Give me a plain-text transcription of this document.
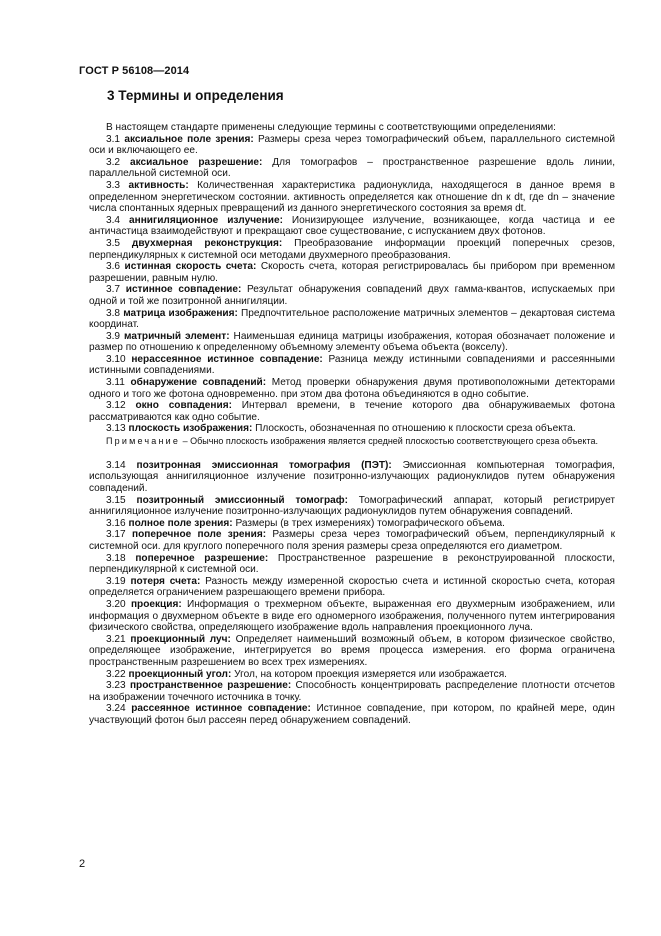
ГОСТ Р 56108—2014
3 Термины и определения

В настоящем стандарте применены следующие термины с соответствующими определениями:

3.1 аксиальное поле зрения: Размеры среза через томографический объем, параллельного системной оси и включающего ее.

3.2 аксиальное разрешение: Для томографов – пространственное разрешение вдоль линии, параллельной системной оси.

3.3 активность: Количественная характеристика радионуклида, находящегося в данное время в определенном энергетическом состоянии. активность определяется как отношение dn к dt, где dn – значение числа спонтанных ядерных превращений из данного энергетического состояния за время dt.

3.4 аннигиляционное излучение: Ионизирующее излучение, возникающее, когда частица и ее античастица взаимодействуют и прекращают свое существование, с испусканием двух фотонов.

3.5 двухмерная реконструкция: Преобразование информации проекций поперечных срезов, перпендикулярных к системной оси методами двухмерного преобразования.

3.6 истинная скорость счета: Скорость счета, которая регистрировалась бы прибором при временном разрешении, равным нулю.

3.7 истинное совпадение: Результат обнаружения совпадений двух гамма-квантов, испускаемых при одной и той же позитронной аннигиляции.

3.8 матрица изображения: Предпочтительное расположение матричных элементов – декартовая система координат.

3.9 матричный элемент: Наименьшая единица матрицы изображения, которая обозначает положение и размер по отношению к определенному объемному элементу объема объекта (вокселу).

3.10 нерассеянное истинное совпадение: Разница между истинными совпадениями и рассеянными истинными совпадениями.

3.11 обнаружение совпадений: Метод проверки обнаружения двумя противоположными детекторами одного и того же фотона одновременно. при этом два фотона объединяются в одно событие.

3.12 окно совпадения: Интервал времени, в течение которого два обнаруживаемых фотона рассматриваются как одно событие.

3.13 плоскость изображения: Плоскость, обозначенная по отношению к плоскости среза объекта.

Примечание – Обычно плоскость изображения является средней плоскостью соответствующего среза объекта.

3.14 позитронная эмиссионная томография (ПЭТ): Эмиссионная компьютерная томография, использующая аннигиляционное излучение позитронно-излучающих радионуклидов путем обнаружения совпадений.

3.15 позитронный эмиссионный томограф: Томографический аппарат, который регистрирует аннигиляционное излучение позитронно-излучающих радионуклидов путем обнаружения совпадений.

3.16 полное поле зрения: Размеры (в трех измерениях) томографического объема.

3.17 поперечное поле зрения: Размеры среза через томографический объем, перпендикулярный к системной оси. для круглого поперечного поля зрения размеры среза определяются его диаметром.

3.18 поперечное разрешение: Пространственное разрешение в реконструированной плоскости, перпендикулярной к системной оси.

3.19 потеря счета: Разность между измеренной скоростью счета и истинной скоростью счета, которая определяется ограничением разрешающего времени прибора.

3.20 проекция: Информация о трехмерном объекте, выраженная его двухмерным изображением, или информация о двухмерном объекте в виде его одномерного изображения, полученного путем интегрирования физического свойства, определяющего изображение вдоль направления проекционного луча.

3.21 проекционный луч: Определяет наименьший возможный объем, в котором физическое свойство, определяющее изображение, интегрируется во время процесса измерения. его форма ограничена пространственным разрешением во всех трех измерениях.

3.22 проекционный угол: Угол, на котором проекция измеряется или изображается.

3.23 пространственное разрешение: Способность концентрировать распределение плотности отсчетов на изображении точечного источника в точку.

3.24 рассеянное истинное совпадение: Истинное совпадение, при котором, по крайней мере, один участвующий фотон был рассеян перед обнаружением совпадений.

2
